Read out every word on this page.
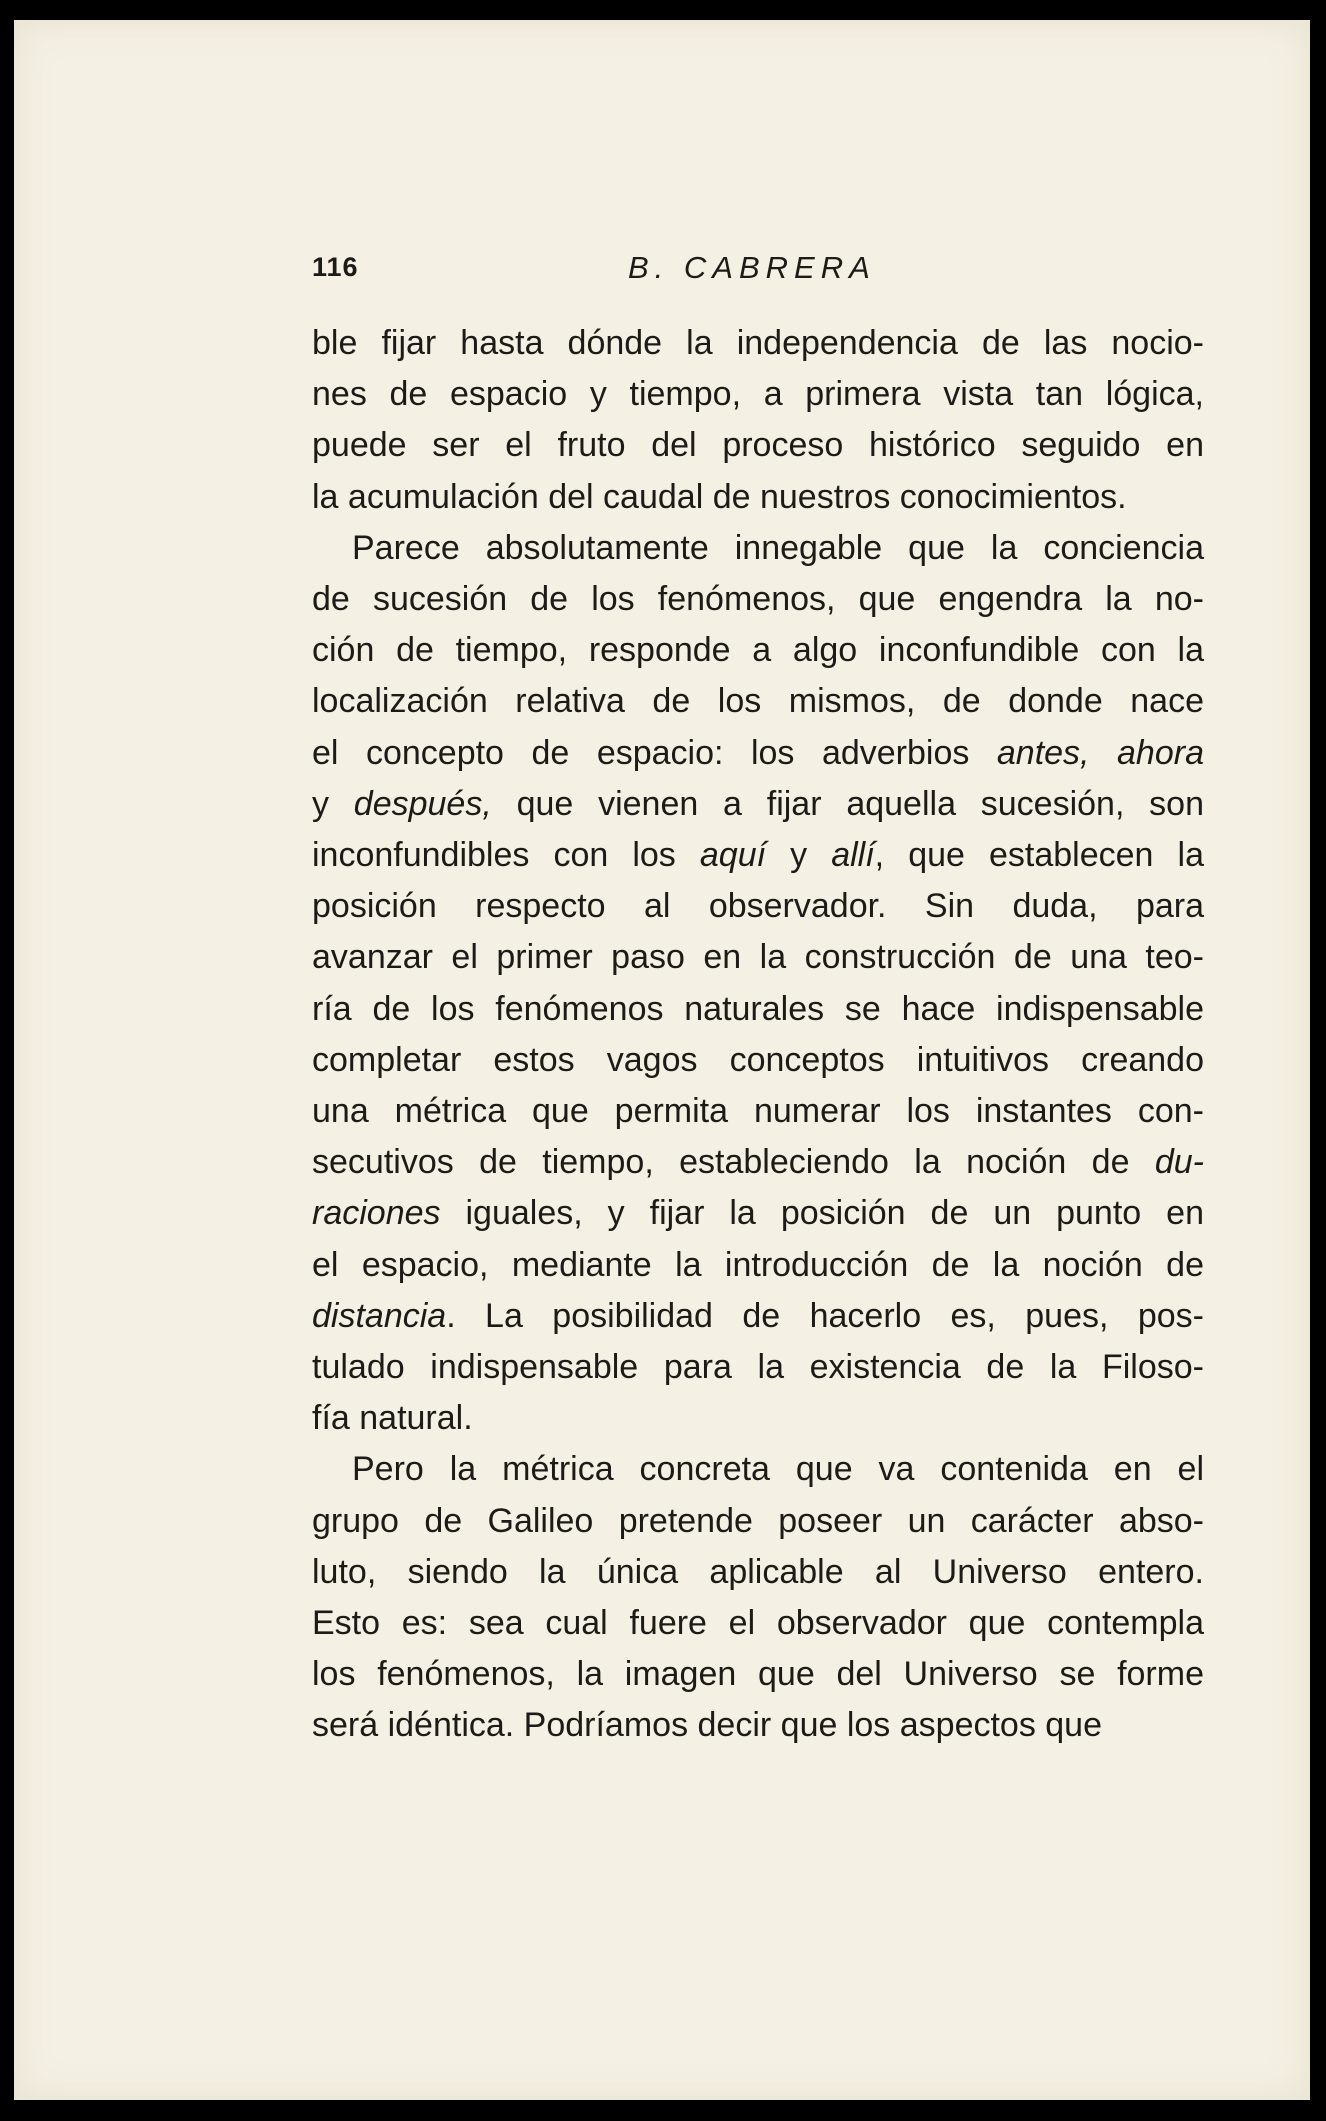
116	B. CABRERA

ble fijar hasta dónde la independencia de las nocio-

nes de espacio y tiempo, a primera vista tan lógica,

puede ser el fruto del proceso histórico seguido en

la acumulación del caudal de nuestros conocimientos.

Parece absolutamente innegable que la conciencia

de sucesión de los fenómenos, que engendra la no-

ción de tiempo, responde a algo inconfundible con la

localización relativa de los mismos, de donde nace

el concepto de espacio: los adverbios antes, ahora

y después, que vienen a fijar aquella sucesión, son

inconfundibles con los aquí y allí, que establecen la

posición respecto al observador. Sin duda, para

avanzar el primer paso en la construcción de una teo-

ría de los fenómenos naturales se hace indispensable

completar estos vagos conceptos intuitivos creando

una métrica que permita numerar los instantes con-

secutivos de tiempo, estableciendo la noción de du-

raciones iguales, y fijar la posición de un punto en

el espacio, mediante la introducción de la noción de

distancia. La posibilidad de hacerlo es, pues, pos-

tulado indispensable para la existencia de la Filoso-

fía natural.

Pero la métrica concreta que va contenida en el

grupo de Galileo pretende poseer un carácter abso-

luto, siendo la única aplicable al Universo entero.

Esto es: sea cual fuere el observador que contempla

los fenómenos, la imagen que del Universo se forme

será idéntica. Podríamos decir que los aspectos que
